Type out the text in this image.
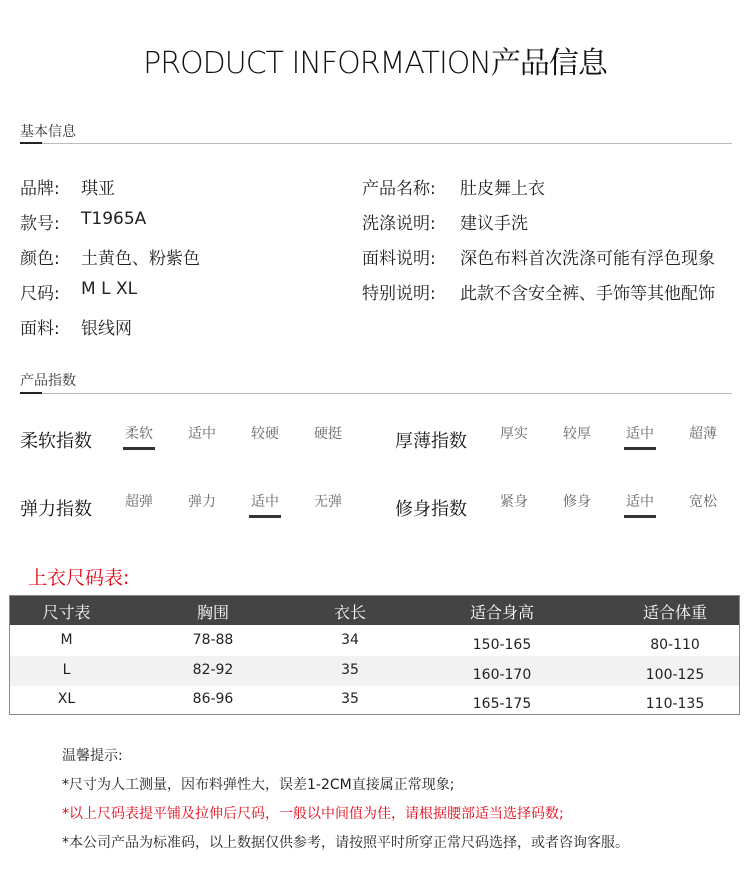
PRODUCT INFORMATION产品信息
基本信息
品牌: 琪亚
款号: T1965A
颜色: 土黄色、粉紫色
尺码: M L XL
面料: 银线网
产品名称: 肚皮舞上衣
洗涤说明: 建议手洗
面料说明: 深色布料首次洗涤可能有浮色现象
特别说明: 此款不含安全裤、手饰等其他配饰
产品指数
柔软指数	柔软	适中	较硬	硬挺	厚薄指数	厚实	较厚	适中	超薄
弹力指数	超弹	弹力	适中	无弹	修身指数	紧身	修身	适中	宽松
上衣尺码表:
尺寸表	胸围	衣长	适合身高	适合体重
M	78-88	34	150-165	80-110
L	82-92	35	160-170	100-125
XL	86-96	35	165-175	110-135
温馨提示:
*尺寸为人工测量，因布料弹性大，误差1-2CM直接属正常现象;
*以上尺码表提平铺及拉伸后尺码，一般以中间值为佳，请根据腰部适当选择码数;
*本公司产品为标准码，以上数据仅供参考，请按照平时所穿正常尺码选择，或者咨询客服。
